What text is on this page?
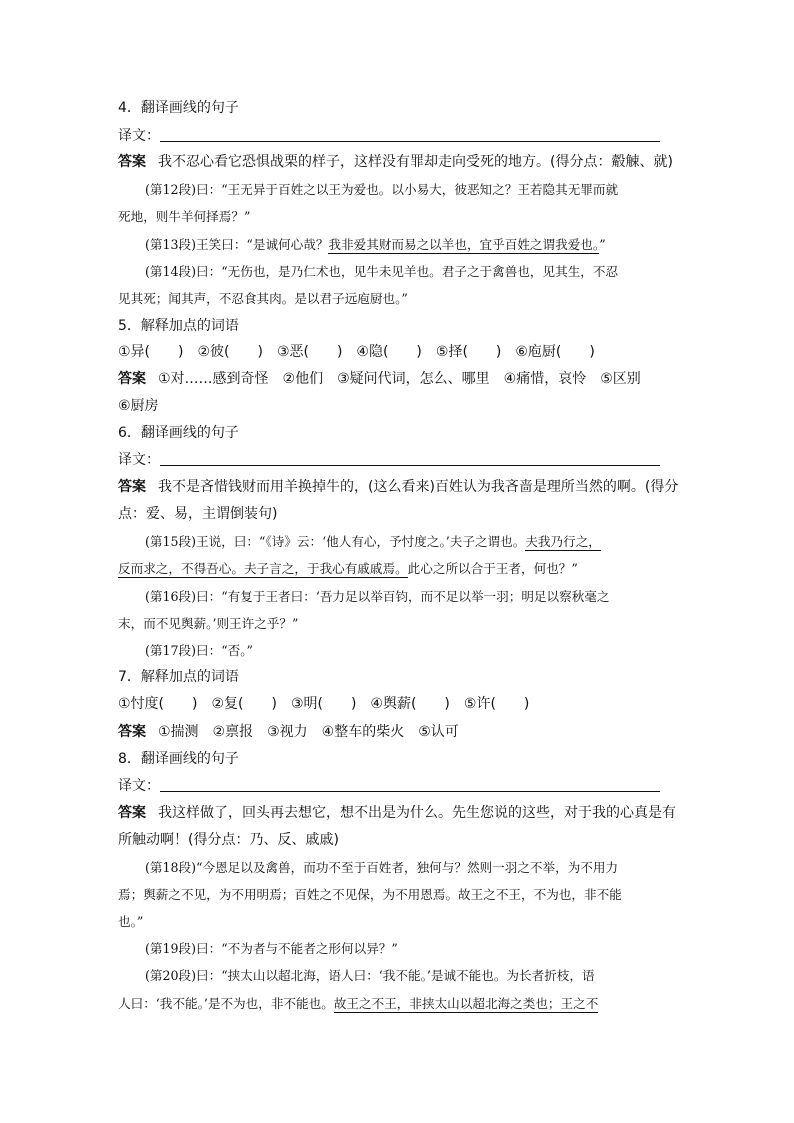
4．翻译画线的句子
译文：
答案 我不忍心看它恐惧战栗的样子，这样没有罪却走向受死的地方。(得分点：觳觫、就)
(第12段)曰：“王无异于百姓之以王为爱也。以小易大，彼恶知之？王若隐其无罪而就
死地，则牛羊何择焉？”
(第13段)王笑曰：“是诚何心哉？我非爱其财而易之以羊也，宜乎百姓之谓我爱也。”
(第14段)曰：“无伤也，是乃仁术也，见牛未见羊也。君子之于禽兽也，见其生，不忍
见其死；闻其声，不忍食其肉。是以君子远庖厨也。”
5．解释加点的词语
①异(　　)　②彼(　　)　③恶(　　)　④隐(　　)　⑤择(　　)　⑥庖厨(　　)
答案 ①对……感到奇怪　②他们　③疑问代词，怎么、哪里　④痛惜，哀怜　⑤区别
⑥厨房
6．翻译画线的句子
译文：
答案 我不是吝惜钱财而用羊换掉牛的，(这么看来)百姓认为我吝啬是理所当然的啊。(得分
点：爱、易，主谓倒装句)
(第15段)王说，曰：“《诗》云：‘他人有心，予忖度之。’夫子之谓也。夫我乃行之，
反而求之，不得吾心。夫子言之，于我心有戚戚焉。此心之所以合于王者，何也？”
(第16段)曰：“有复于王者曰：‘吾力足以举百钧，而不足以举一羽；明足以察秋毫之
末，而不见舆薪。’则王许之乎？”
(第17段)曰：“否。”
7．解释加点的词语
①忖度(　　)　②复(　　)　③明(　　)　④舆薪(　　)　⑤许(　　)
答案 ①揣测　②禀报　③视力　④整车的柴火　⑤认可
8．翻译画线的句子
译文：
答案 我这样做了，回头再去想它，想不出是为什么。先生您说的这些，对于我的心真是有
所触动啊！(得分点：乃、反、戚戚)
(第18段)“今恩足以及禽兽，而功不至于百姓者，独何与？然则一羽之不举，为不用力
焉；舆薪之不见，为不用明焉；百姓之不见保，为不用恩焉。故王之不王，不为也，非不能
也。”
(第19段)曰：“不为者与不能者之形何以异？”
(第20段)曰：“挟太山以超北海，语人曰：‘我不能。’是诚不能也。为长者折枝，语
人曰：‘我不能。’是不为也，非不能也。故王之不王，非挟太山以超北海之类也；王之不
